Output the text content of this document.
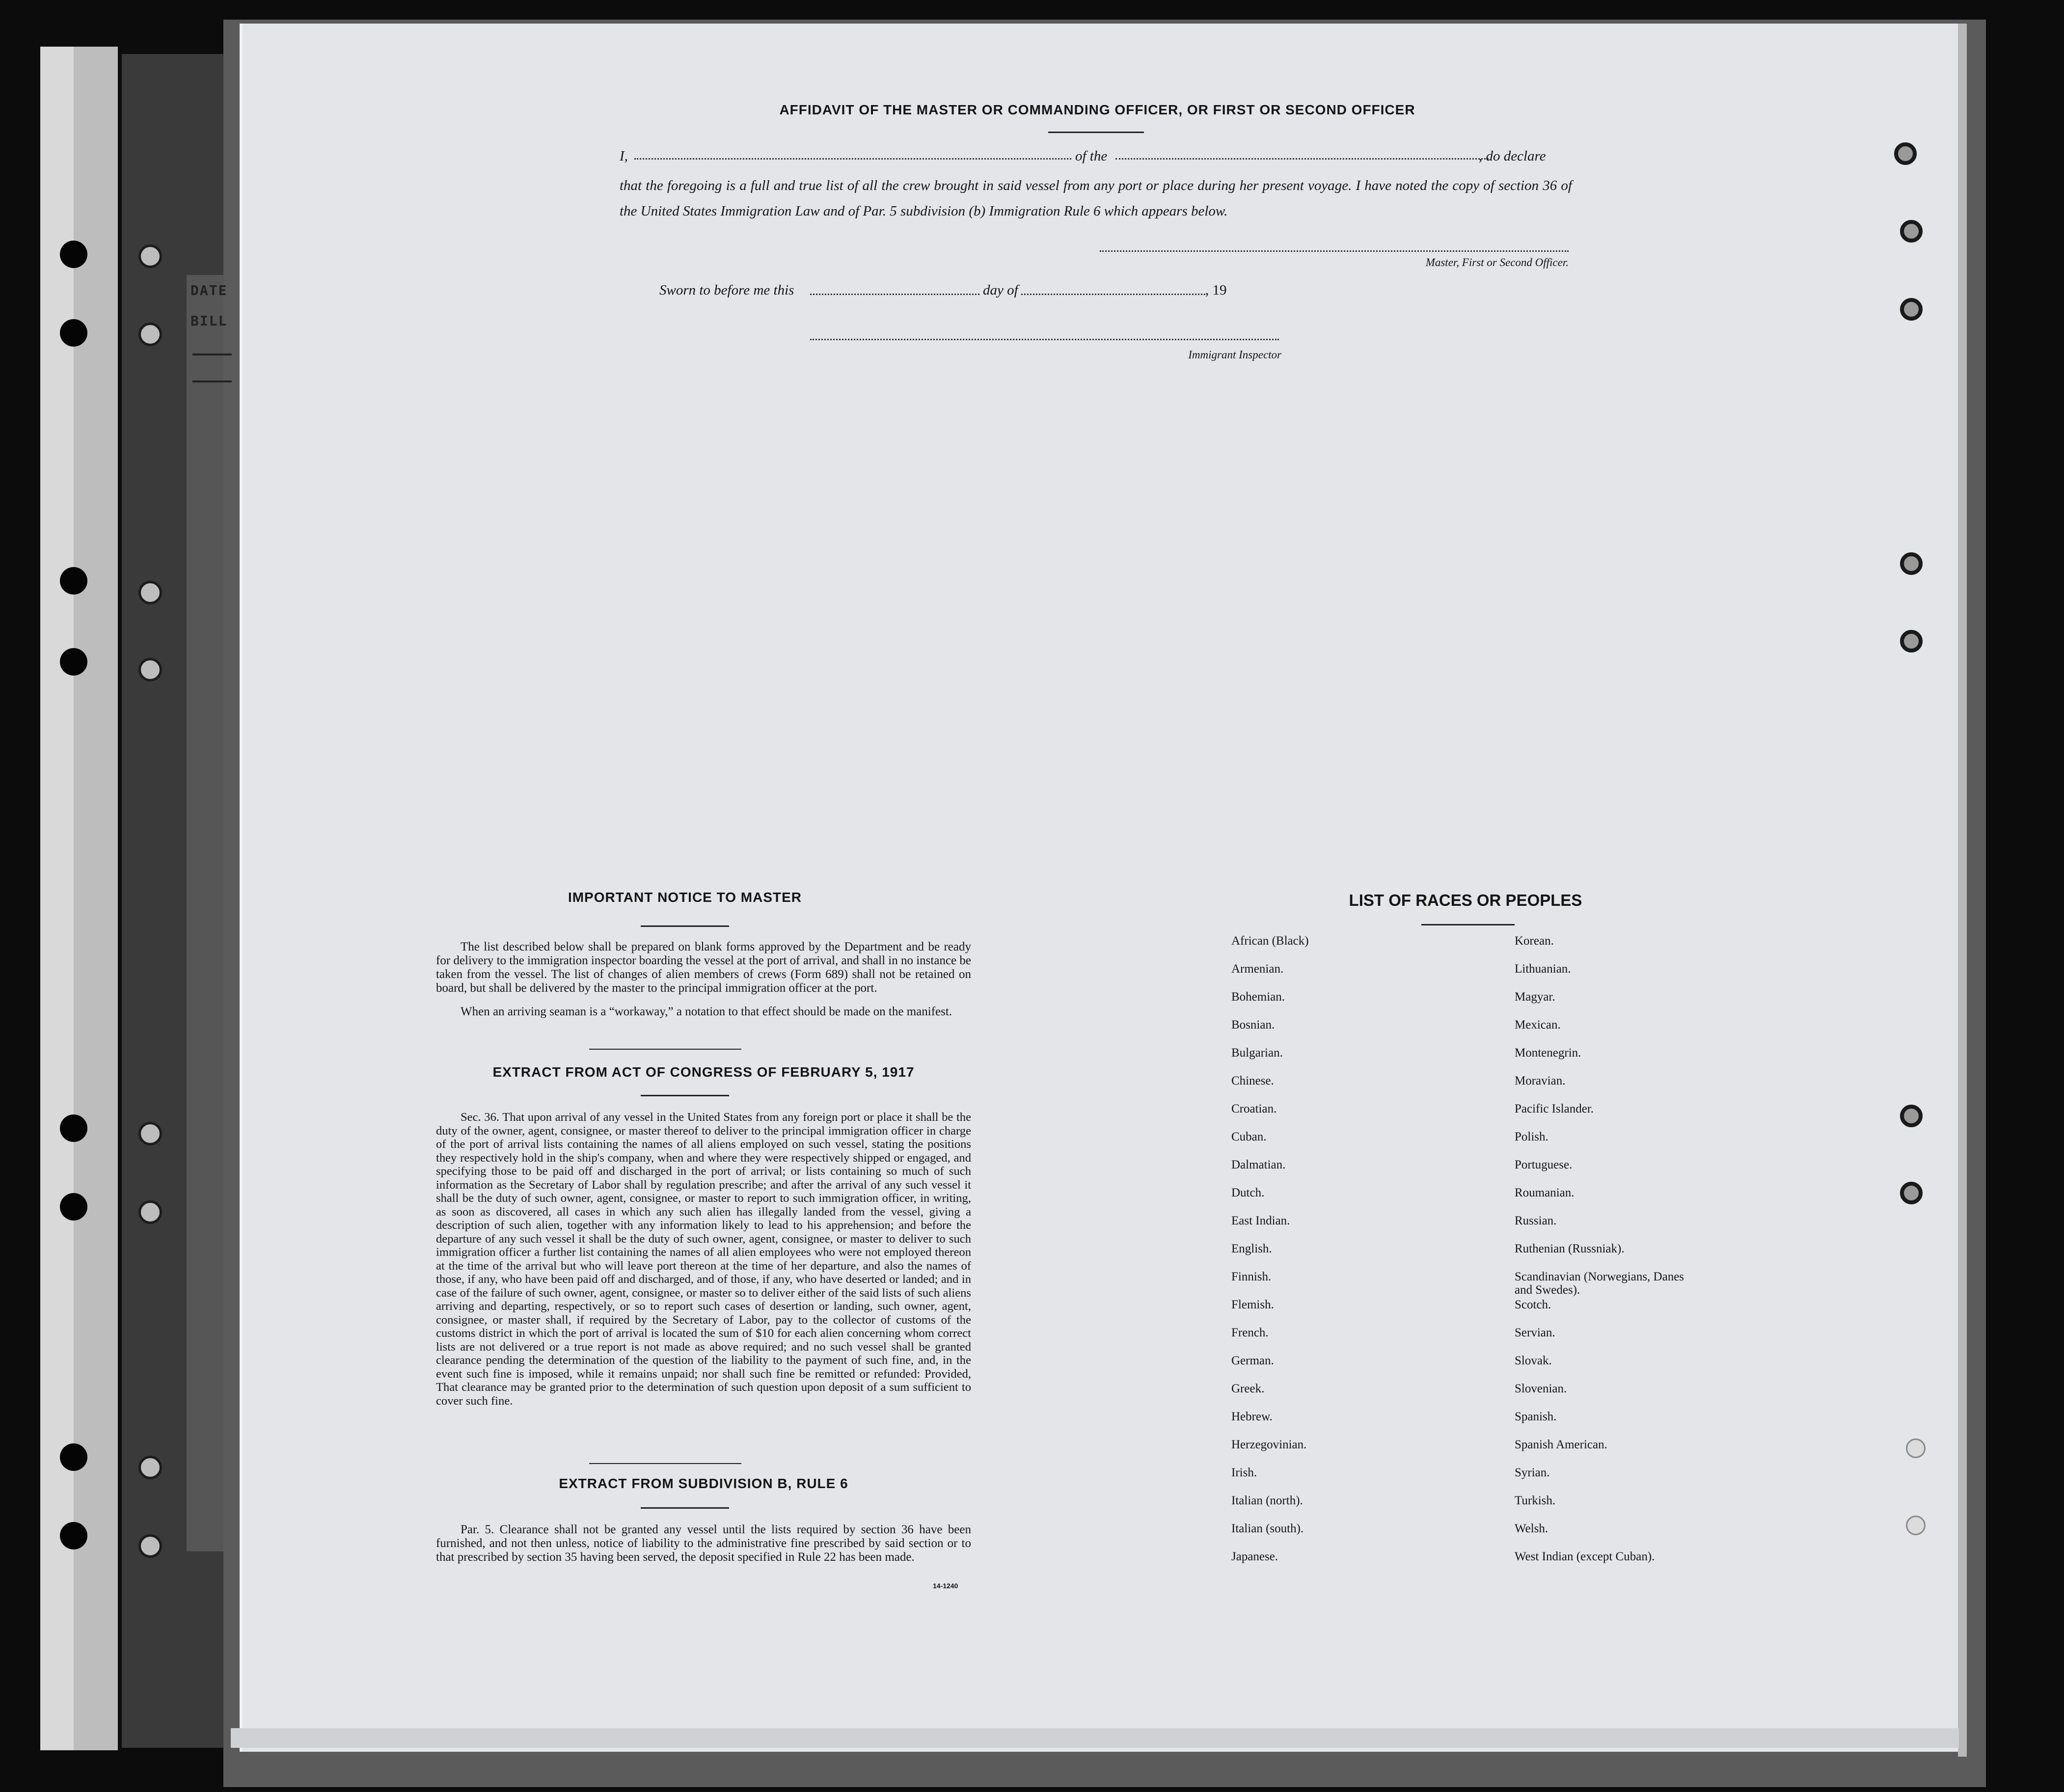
DATE
BILL
AFFIDAVIT OF THE MASTER OR COMMANDING OFFICER, OR FIRST OR SECOND OFFICER
I,	of the	, do declare
that the foregoing is a full and true list of all the crew brought in said vessel from any port or place during her present voyage. I have noted the copy of section 36 of the United States Immigration Law and of Par. 5 subdivision (b) Immigration Rule 6 which appears below.
Master, First or Second Officer.
Sworn to before me this	day of	, 19
Immigrant Inspector
IMPORTANT NOTICE TO MASTER
The list described below shall be prepared on blank forms approved by the Department and be ready for delivery to the immigration inspector boarding the vessel at the port of arrival, and shall in no instance be taken from the vessel. The list of changes of alien members of crews (Form 689) shall not be retained on board, but shall be delivered by the master to the principal immigration officer at the port.
When an arriving seaman is a “workaway,” a notation to that effect should be made on the manifest.
EXTRACT FROM ACT OF CONGRESS OF FEBRUARY 5, 1917
Sec. 36. That upon arrival of any vessel in the United States from any foreign port or place it shall be the duty of the owner, agent, consignee, or master thereof to deliver to the principal immigration officer in charge of the port of arrival lists containing the names of all aliens employed on such vessel, stating the positions they respectively hold in the ship's company, when and where they were respectively shipped or engaged, and specifying those to be paid off and discharged in the port of arrival; or lists containing so much of such information as the Secretary of Labor shall by regulation prescribe; and after the arrival of any such vessel it shall be the duty of such owner, agent, consignee, or master to report to such immigration officer, in writing, as soon as discovered, all cases in which any such alien has illegally landed from the vessel, giving a description of such alien, together with any information likely to lead to his apprehension; and before the departure of any such vessel it shall be the duty of such owner, agent, consignee, or master to deliver to such immigration officer a further list containing the names of all alien employees who were not employed thereon at the time of the arrival but who will leave port thereon at the time of her departure, and also the names of those, if any, who have been paid off and discharged, and of those, if any, who have deserted or landed; and in case of the failure of such owner, agent, consignee, or master so to deliver either of the said lists of such aliens arriving and departing, respectively, or so to report such cases of desertion or landing, such owner, agent, consignee, or master shall, if required by the Secretary of Labor, pay to the collector of customs of the customs district in which the port of arrival is located the sum of $10 for each alien concerning whom correct lists are not delivered or a true report is not made as above required; and no such vessel shall be granted clearance pending the determination of the question of the liability to the payment of such fine, and, in the event such fine is imposed, while it remains unpaid; nor shall such fine be remitted or refunded: Provided, That clearance may be granted prior to the determination of such question upon deposit of a sum sufficient to cover such fine.
EXTRACT FROM SUBDIVISION B, RULE 6
Par. 5. Clearance shall not be granted any vessel until the lists required by section 36 have been furnished, and not then unless, notice of liability to the administrative fine prescribed by said section or to that prescribed by section 35 having been served, the deposit specified in Rule 22 has been made.
14-1240
LIST OF RACES OR PEOPLES
African (Black)
Armenian.
Bohemian.
Bosnian.
Bulgarian.
Chinese.
Croatian.
Cuban.
Dalmatian.
Dutch.
East Indian.
English.
Finnish.
Flemish.
French.
German.
Greek.
Hebrew.
Herzegovinian.
Irish.
Italian (north).
Italian (south).
Japanese.
Korean.
Lithuanian.
Magyar.
Mexican.
Montenegrin.
Moravian.
Pacific Islander.
Polish.
Portuguese.
Roumanian.
Russian.
Ruthenian (Russniak).
Scandinavian (Norwegians, Danes and Swedes).
Scotch.
Servian.
Slovak.
Slovenian.
Spanish.
Spanish American.
Syrian.
Turkish.
Welsh.
West Indian (except Cuban).
